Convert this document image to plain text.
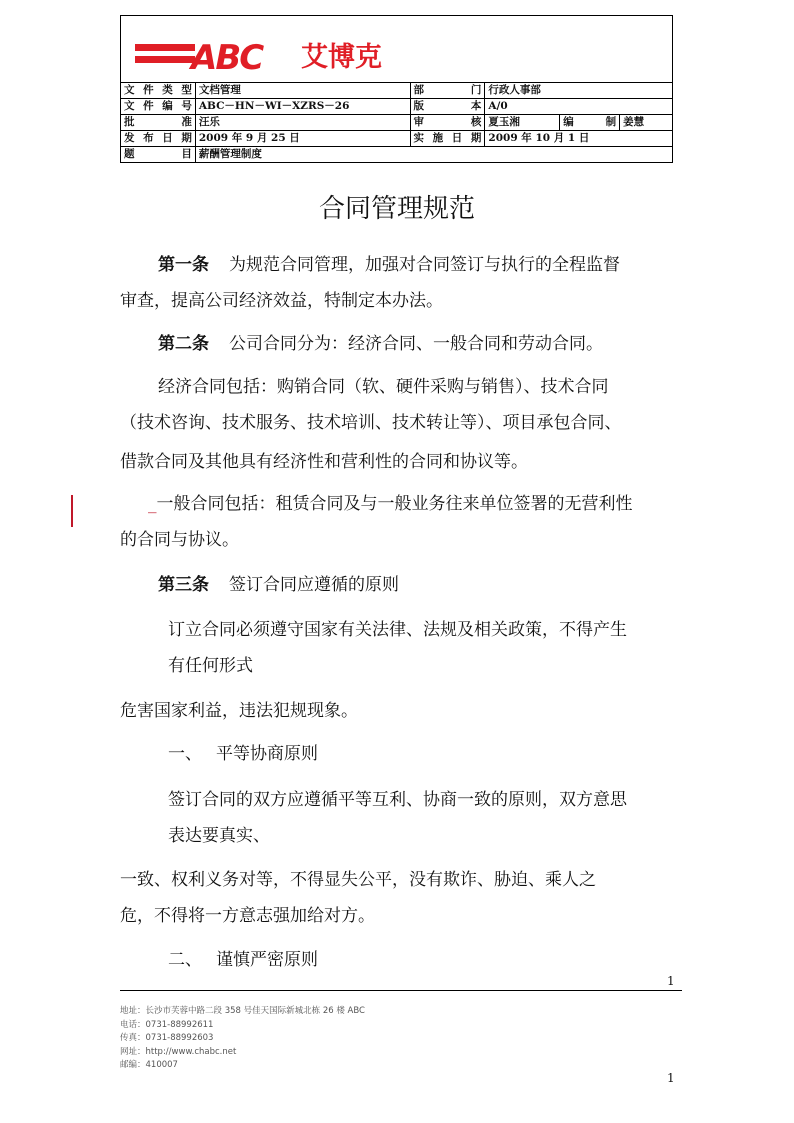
ABC 艾博克
文件类型	文档管理	部 门	行政人事部		
文件编号	ABC－HN－WI－XZRS－26	版 本	A/0		
批 准	汪乐	审 核	夏玉湘	编 制	姜慧
发布日期	2009 年 9 月 25 日	实施日期	2009 年 10 月 1 日		
题 目	薪酬管理制度				
合同管理规范
第一条 为规范合同管理，加强对合同签订与执行的全程监督
审查，提高公司经济效益，特制定本办法。
第二条 公司合同分为：经济合同、一般合同和劳动合同。
经济合同包括：购销合同（软、硬件采购与销售）、技术合同
（技术咨询、技术服务、技术培训、技术转让等）、项目承包合同、
借款合同及其他具有经济性和营利性的合同和协议等。
_一般合同包括：租赁合同及与一般业务往来单位签署的无营利性
的合同与协议。
第三条 签订合同应遵循的原则
订立合同必须遵守国家有关法律、法规及相关政策，不得产生
有任何形式
危害国家利益，违法犯规现象。
一、 平等协商原则
签订合同的双方应遵循平等互利、协商一致的原则，双方意思
表达要真实、
一致、权利义务对等，不得显失公平，没有欺诈、胁迫、乘人之
危，不得将一方意志强加给对方。
二、 谨慎严密原则
1
地址：长沙市芙蓉中路二段 358 号佳天国际新城北栋 26 楼 ABC
电话：0731-88992611
传真：0731-88992603
网址：http://www.chabc.net
邮编：410007
1
